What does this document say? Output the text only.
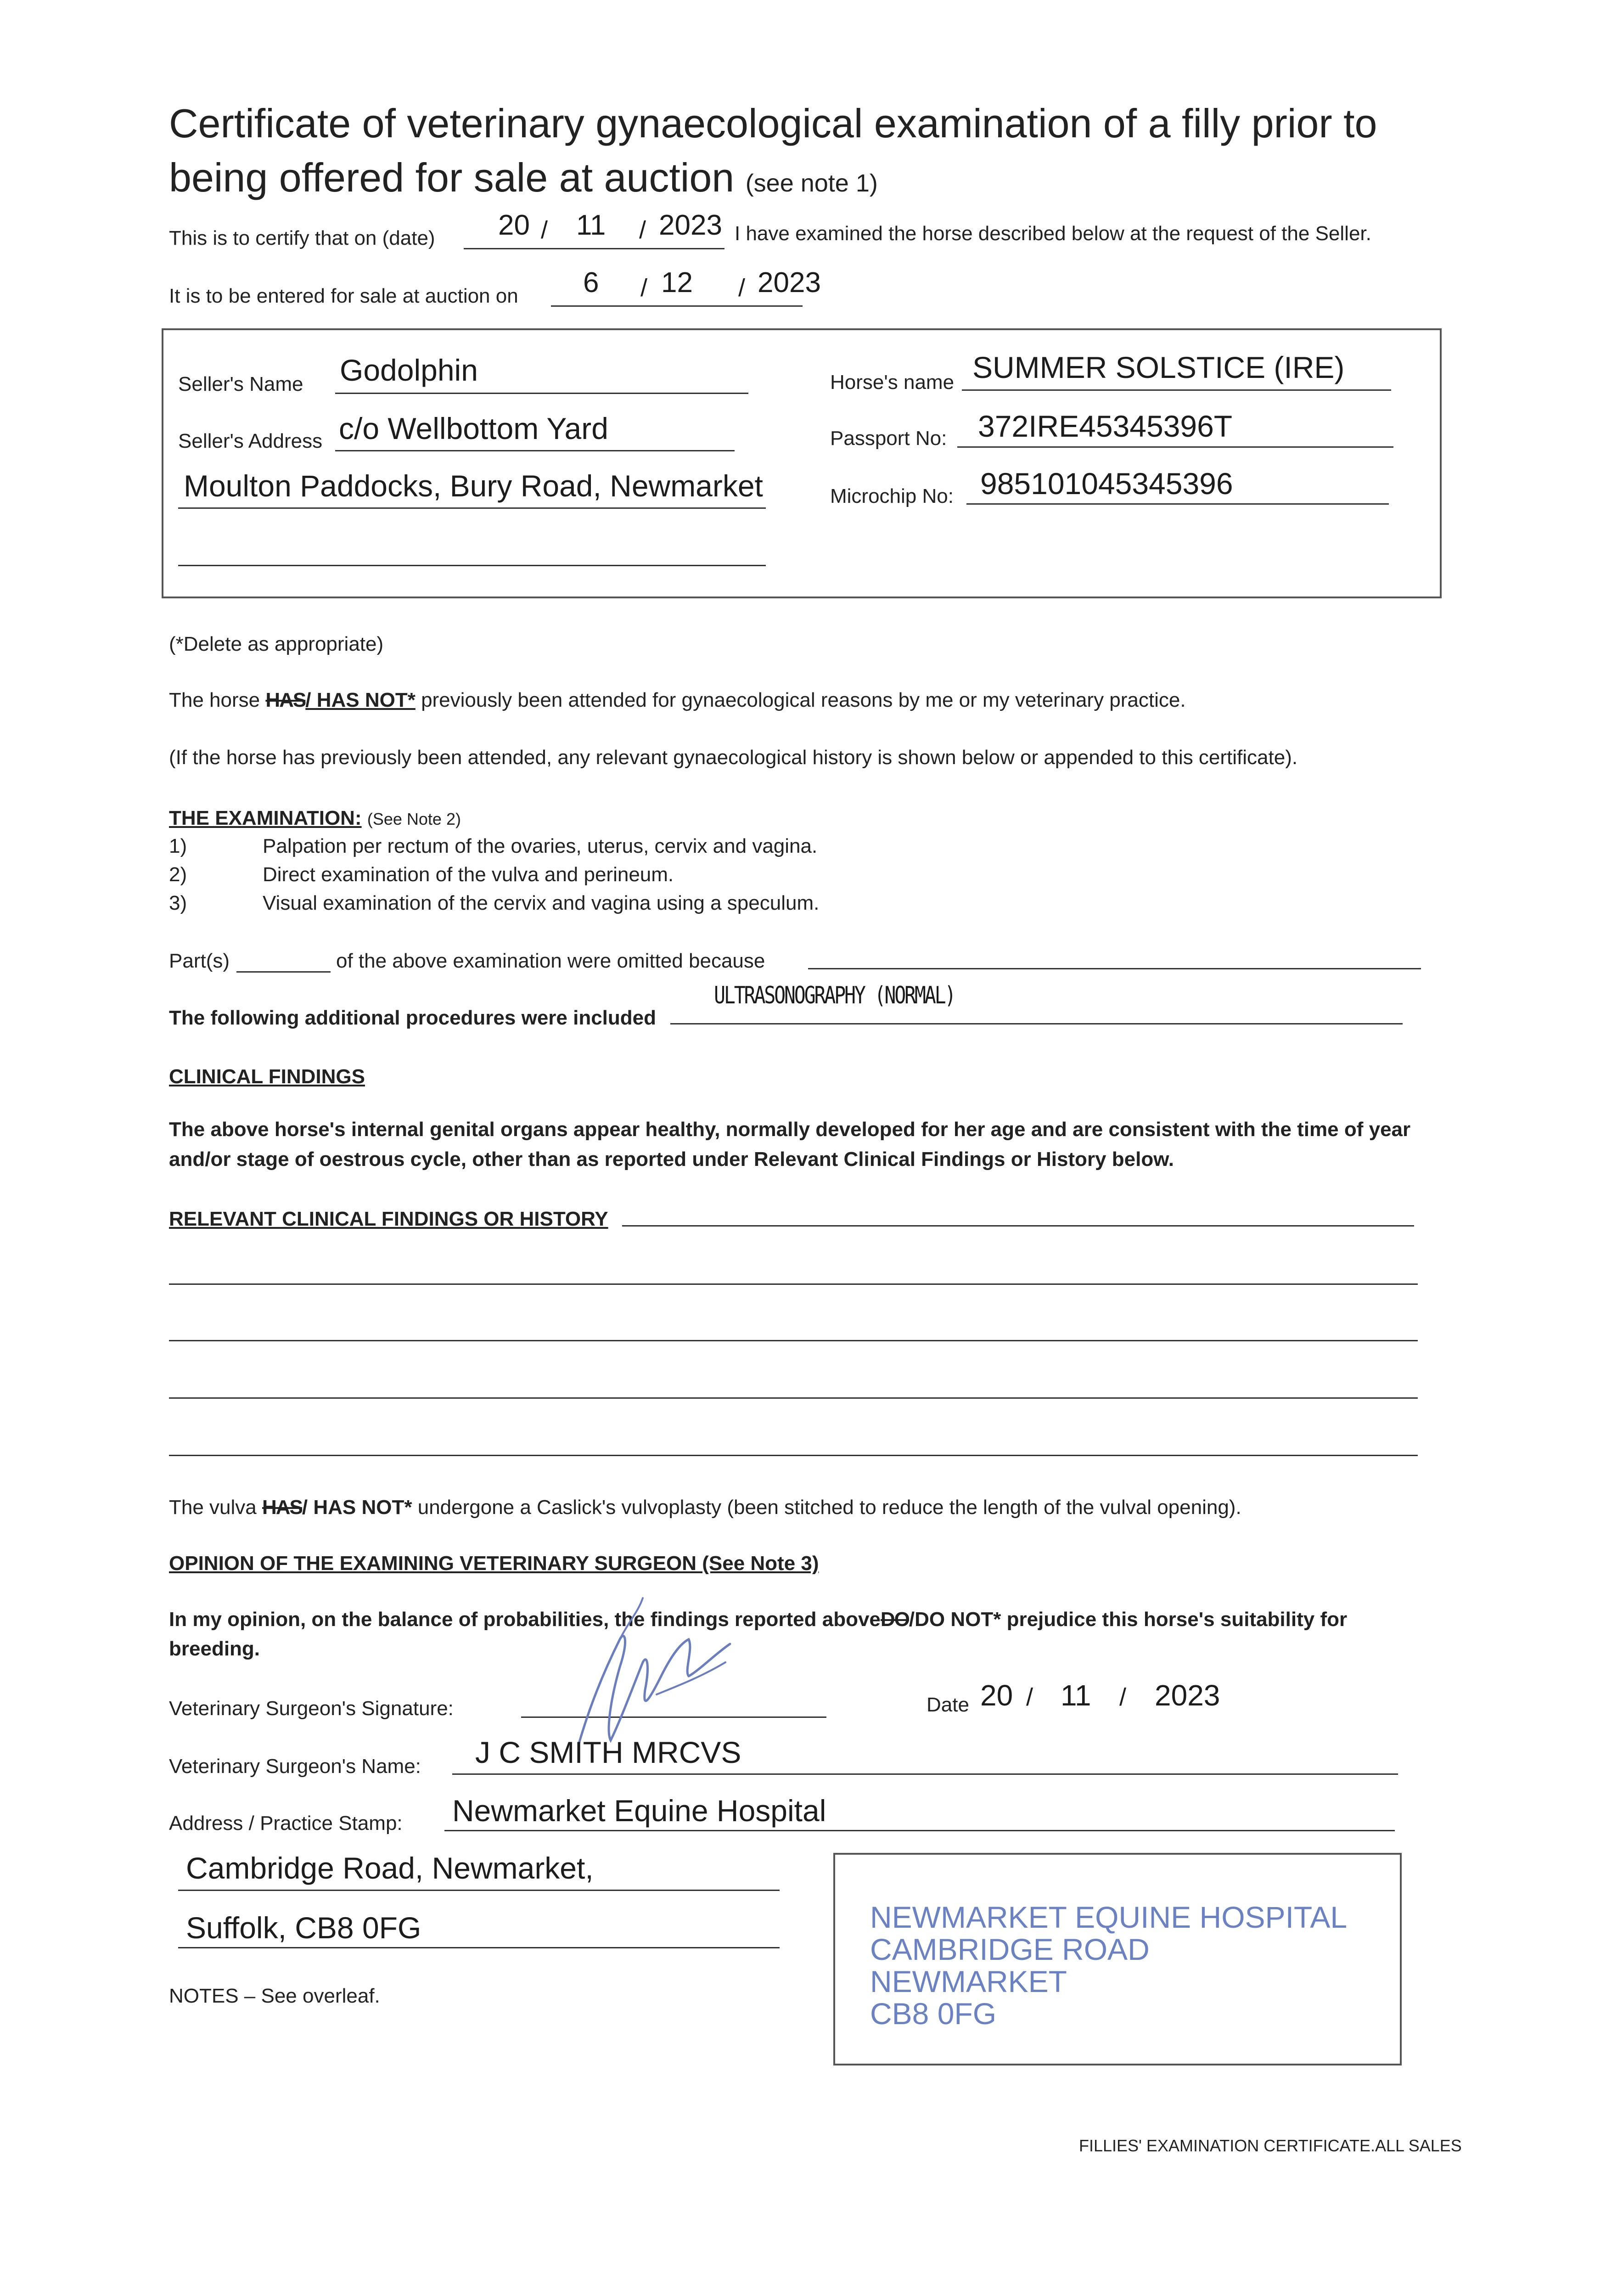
Certificate of veterinary gynaecological examination of a filly prior to
being offered for sale at auction (see note 1)
This is to certify that on (date) 20 / 11 / 2023 I have examined the horse described below at the request of the Seller.
It is to be entered for sale at auction on 6 / 12 / 2023
Seller's Name Godolphin
Seller's Address c/o Wellbottom Yard
Moulton Paddocks, Bury Road, Newmarket
Horse's name SUMMER SOLSTICE (IRE)
Passport No: 372IRE45345396T
Microchip No: 985101045345396
(*Delete as appropriate)
The horse HAS/ HAS NOT* previously been attended for gynaecological reasons by me or my veterinary practice.
(If the horse has previously been attended, any relevant gynaecological history is shown below or appended to this certificate).
THE EXAMINATION: (See Note 2)
1)	Palpation per rectum of the ovaries, uterus, cervix and vagina.
2)	Direct examination of the vulva and perineum.
3)	Visual examination of the cervix and vagina using a speculum.
Part(s)	of the above examination were omitted because
The following additional procedures were included
ULTRASONOGRAPHY (NORMAL)
CLINICAL FINDINGS
The above horse's internal genital organs appear healthy, normally developed for her age and are consistent with the time of year
and/or stage of oestrous cycle, other than as reported under Relevant Clinical Findings or History below.
RELEVANT CLINICAL FINDINGS OR HISTORY
The vulva HAS/ HAS NOT* undergone a Caslick's vulvoplasty (been stitched to reduce the length of the vulval opening).
OPINION OF THE EXAMINING VETERINARY SURGEON (See Note 3)
In my opinion, on the balance of probabilities, the findings reported aboveDO/DO NOT* prejudice this horse's suitability for
breeding.
Veterinary Surgeon's Signature:	Date 20 / 11 / 2023
Veterinary Surgeon's Name: J C SMITH MRCVS
Address / Practice Stamp: Newmarket Equine Hospital
Cambridge Road, Newmarket,
Suffolk, CB8 0FG	NEWMARKET EQUINE HOSPITAL
CAMBRIDGE ROAD
NEWMARKET
CB8 0FG
NOTES – See overleaf.
FILLIES' EXAMINATION CERTIFICATE.ALL SALES
